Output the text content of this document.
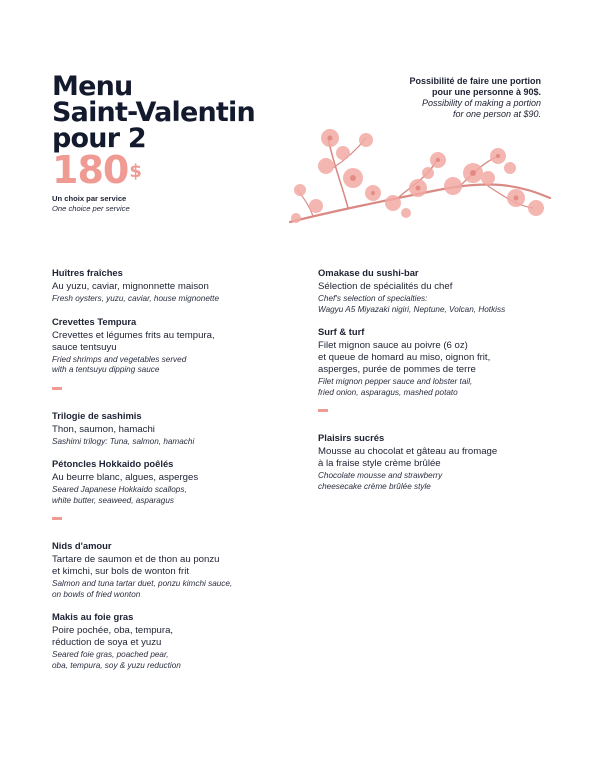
Menu
Saint-Valentin
pour 2
180$
Un choix par service
One choice per service
Possibilité de faire une portion
pour une personne à 90$.
Possibility of making a portion
for one person at $90.
Huîtres fraîches
Au yuzu, caviar, mignonnette maison
Fresh oysters, yuzu, caviar, house mignonette
Crevettes Tempura
Crevettes et légumes frits au tempura,
sauce tentsuyu
Fried shrimps and vegetables served
with a tentsuyu dipping sauce
Trilogie de sashimis
Thon, saumon, hamachi
Sashimi trilogy: Tuna, salmon, hamachi
Pétoncles Hokkaido poêlés
Au beurre blanc, algues, asperges
Seared Japanese Hokkaido scallops,
white butter, seaweed, asparagus
Nids d'amour
Tartare de saumon et de thon au ponzu
et kimchi, sur bols de wonton frit
Salmon and tuna tartar duet, ponzu kimchi sauce,
on bowls of fried wonton
Makis au foie gras
Poire pochée, oba, tempura,
réduction de soya et yuzu
Seared foie gras, poached pear,
oba, tempura, soy & yuzu reduction
Omakase du sushi-bar
Sélection de spécialités du chef
Chef's selection of specialties:
Wagyu A5 Miyazaki nigiri, Neptune, Volcan, Hotkiss
Surf & turf
Filet mignon sauce au poivre (6 oz)
et queue de homard au miso, oignon frit,
asperges, purée de pommes de terre
Filet mignon pepper sauce and lobster tail,
fried onion, asparagus, mashed potato
Plaisirs sucrés
Mousse au chocolat et gâteau au fromage
à la fraise style crème brûlée
Chocolate mousse and strawberry
cheesecake crème brûlée style
